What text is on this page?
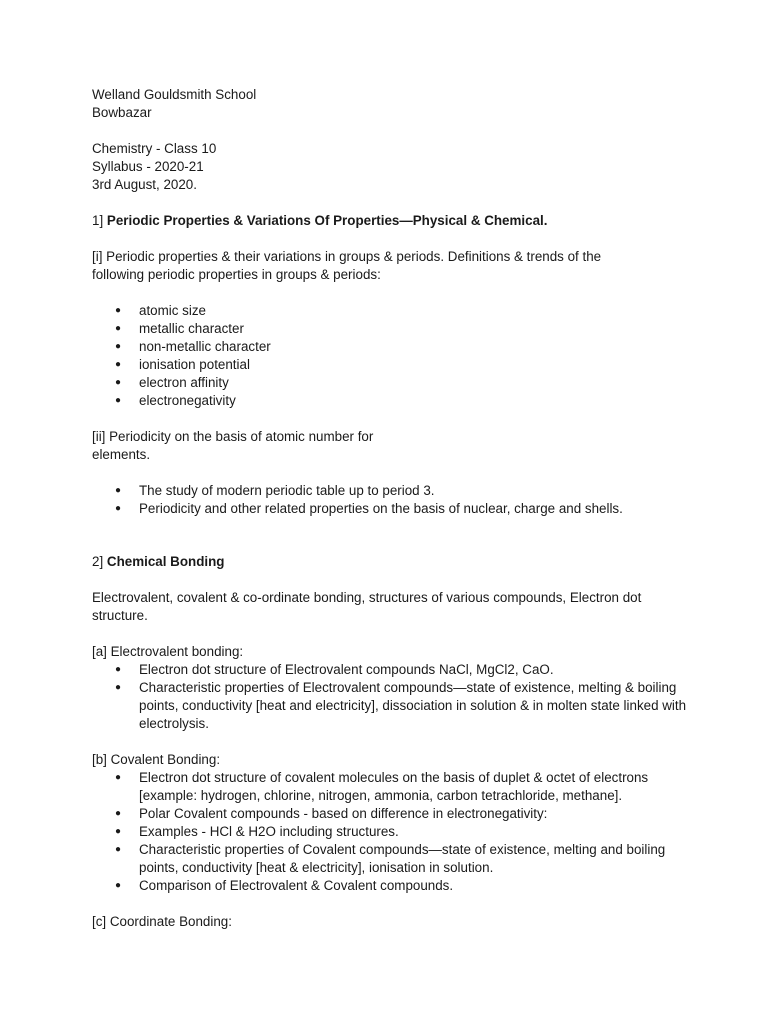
Welland Gouldsmith School

Bowbazar

Chemistry - Class 10

Syllabus - 2020-21

3rd August, 2020.

1] Periodic Properties & Variations Of Properties—Physical & Chemical.

[i] Periodic properties & their variations in groups & periods. Definitions & trends of the following periodic properties in groups & periods:

● atomic size
● metallic character
● non-metallic character
● ionisation potential
● electron affinity
● electronegativity

[ii] Periodicity on the basis of atomic number for elements.

● The study of modern periodic table up to period 3.
● Periodicity and other related properties on the basis of nuclear, charge and shells.

2] Chemical Bonding

Electrovalent, covalent & co-ordinate bonding, structures of various compounds, Electron dot structure.

[a] Electrovalent bonding:

● Electron dot structure of Electrovalent compounds NaCl, MgCl2, CaO.
● Characteristic properties of Electrovalent compounds—state of existence, melting & boiling points, conductivity [heat and electricity], dissociation in solution & in molten state linked with electrolysis.

[b] Covalent Bonding:

● Electron dot structure of covalent molecules on the basis of duplet & octet of electrons [example: hydrogen, chlorine, nitrogen, ammonia, carbon tetrachloride, methane].
● Polar Covalent compounds - based on difference in electronegativity:
● Examples - HCl & H2O including structures.
● Characteristic properties of Covalent compounds—state of existence, melting and boiling points, conductivity [heat & electricity], ionisation in solution.
● Comparison of Electrovalent & Covalent compounds.

[c] Coordinate Bonding:
